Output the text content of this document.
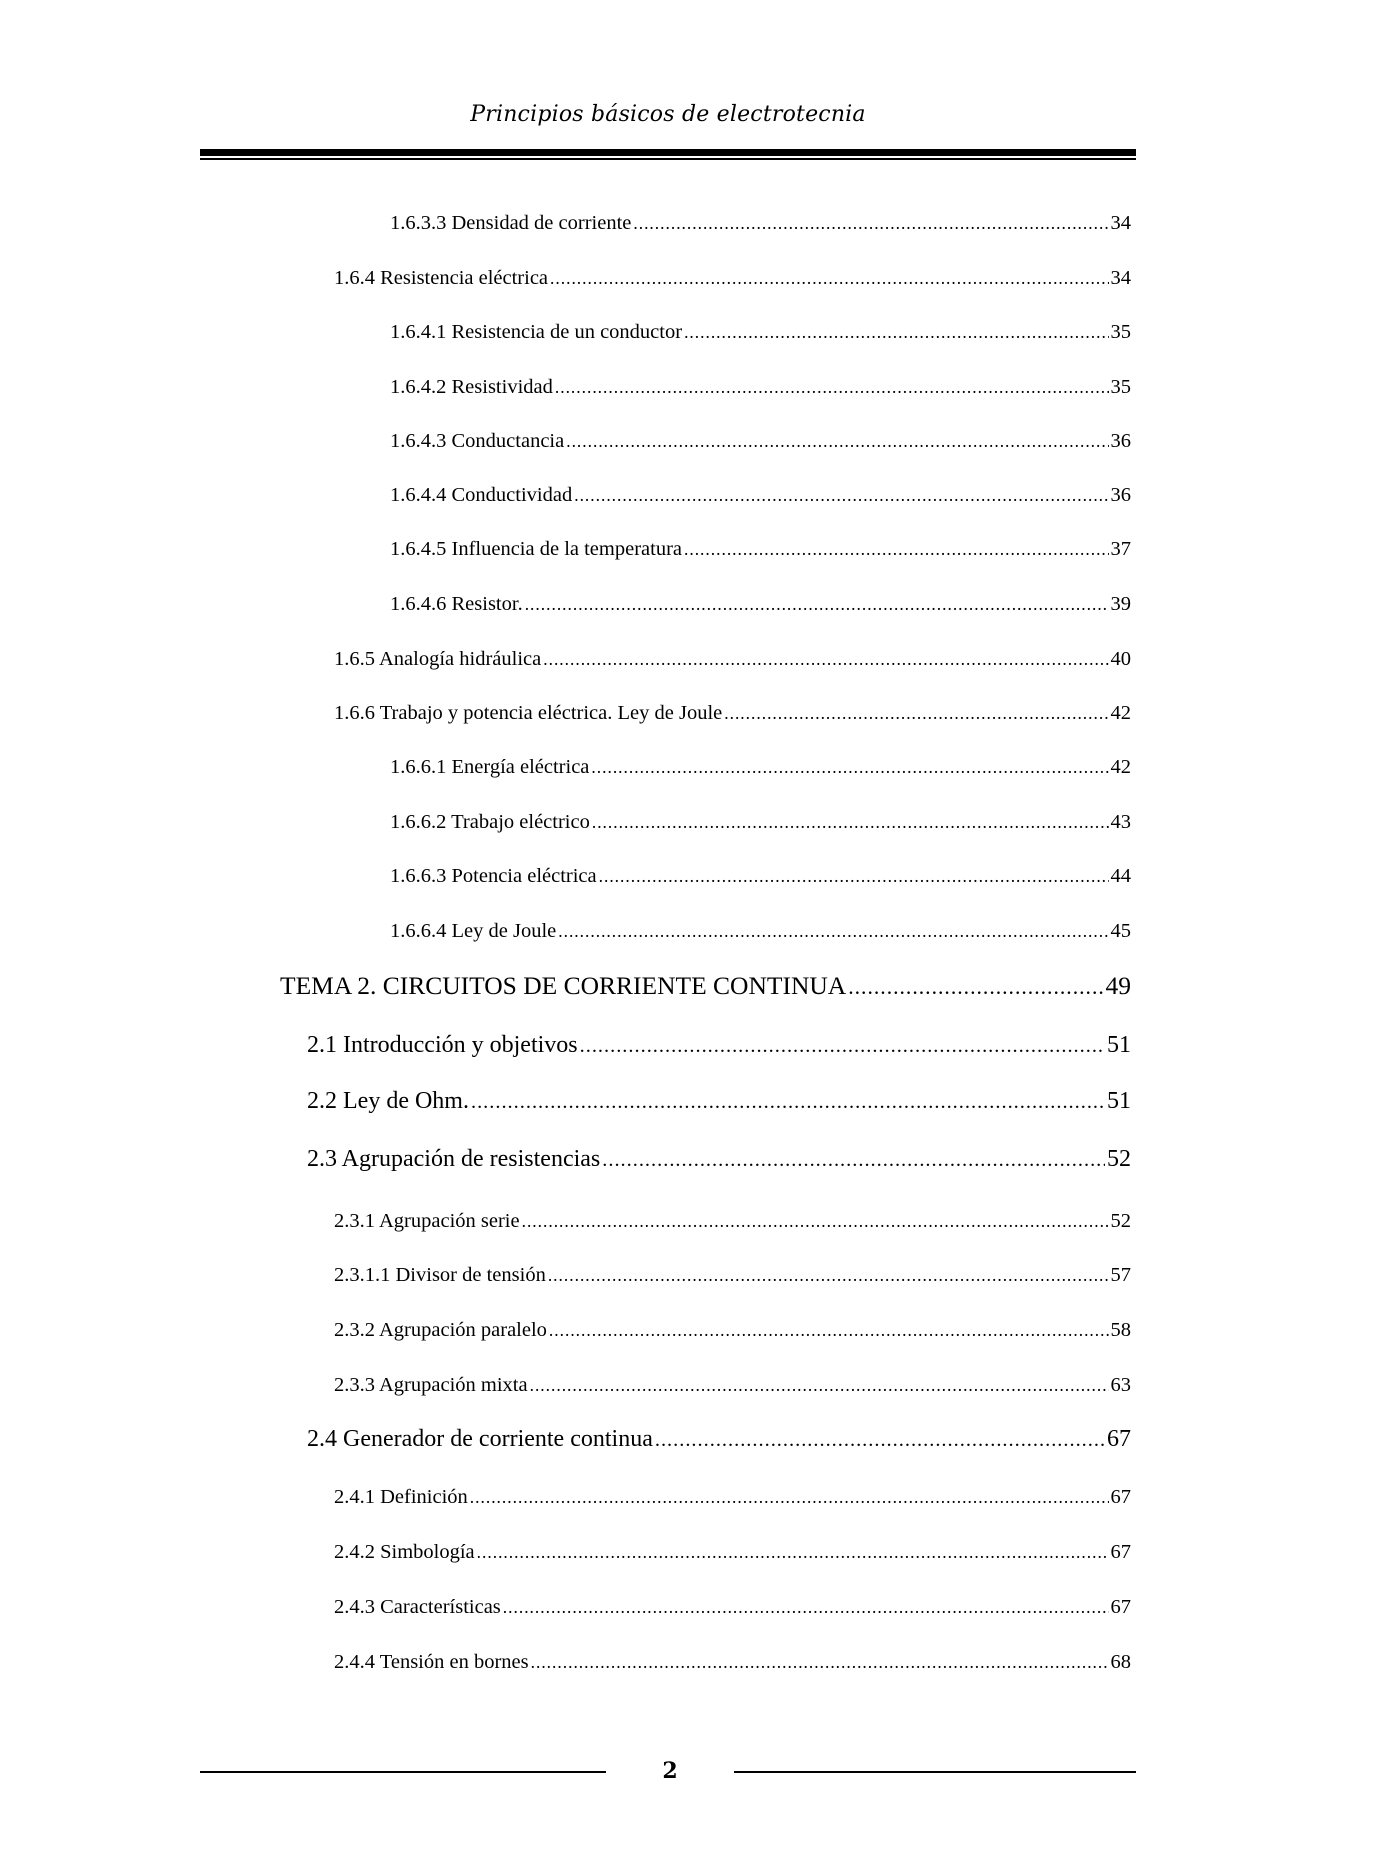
Principios básicos de electrotecnia
1.6.3.3 Densidad de corriente .....	34
1.6.4 Resistencia eléctrica .....	34
1.6.4.1 Resistencia de un conductor .....	35
1.6.4.2 Resistividad .....	35
1.6.4.3 Conductancia .....	36
1.6.4.4 Conductividad .....	36
1.6.4.5 Influencia de la temperatura .....	37
1.6.4.6 Resistor. .....	39
1.6.5 Analogía hidráulica .....	40
1.6.6 Trabajo y potencia eléctrica. Ley de Joule .....	42
1.6.6.1 Energía eléctrica .....	42
1.6.6.2 Trabajo eléctrico .....	43
1.6.6.3 Potencia eléctrica .....	44
1.6.6.4 Ley de Joule .....	45
TEMA 2. CIRCUITOS DE CORRIENTE CONTINUA .....	49
2.1 Introducción y objetivos .....	51
2.2 Ley de Ohm. .....	51
2.3 Agrupación de resistencias .....	52
2.3.1 Agrupación serie .....	52
2.3.1.1 Divisor de tensión .....	57
2.3.2 Agrupación paralelo .....	58
2.3.3 Agrupación mixta .....	63
2.4 Generador de corriente continua .....	67
2.4.1 Definición .....	67
2.4.2 Simbología .....	67
2.4.3 Características .....	67
2.4.4 Tensión en bornes .....	68
2
